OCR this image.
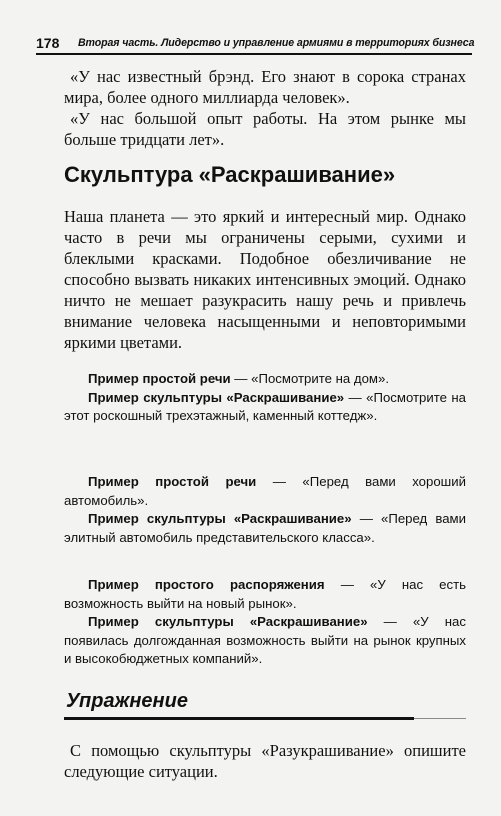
178 Вторая часть. Лидерство и управление армиями в территориях бизнеса

«У нас известный брэнд. Его знают в сорока странах мира, более одного миллиарда человек».

«У нас большой опыт работы. На этом рынке мы больше тридцати лет».

Скульптура «Раскрашивание»

Наша планета — это яркий и интересный мир. Однако часто в речи мы ограничены серыми, сухими и блеклыми красками. Подобное обезличивание не способно вызвать никаких интенсивных эмоций. Однако ничто не мешает разукрасить нашу речь и привлечь внимание человека насыщенными и неповторимыми яркими цветами.

Пример простой речи — «Посмотрите на дом».

Пример скульптуры «Раскрашивание» — «Посмотрите на этот роскошный трехэтажный, каменный коттедж».

Пример простой речи — «Перед вами хороший автомобиль».

Пример скульптуры «Раскрашивание» — «Перед вами элитный автомобиль представительского класса».

Пример простого распоряжения — «У нас есть возможность выйти на новый рынок».

Пример скульптуры «Раскрашивание» — «У нас появилась долгожданная возможность выйти на рынок крупных и высокобюджетных компаний».

Упражнение

С помощью скульптуры «Разукрашивание» опишите следующие ситуации.
